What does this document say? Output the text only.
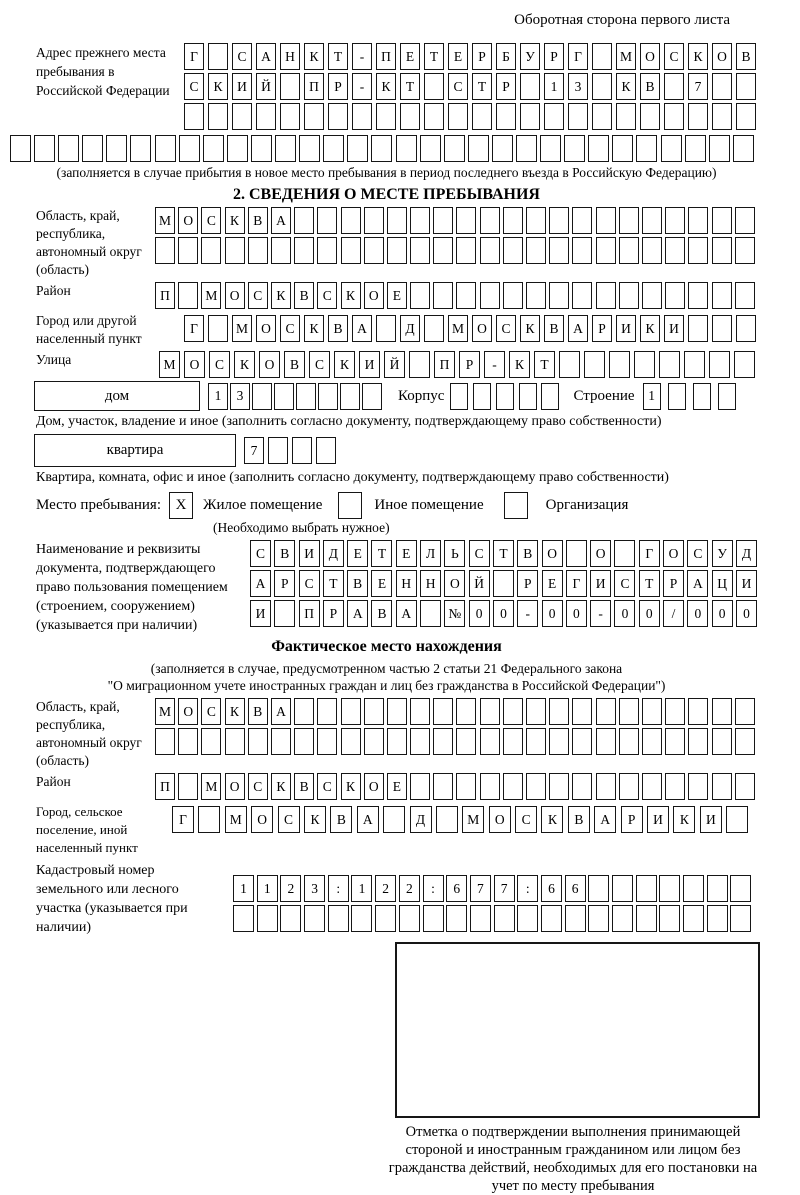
Оборотная сторона первого листа
Адрес прежнего места пребывания в Российской Федерации
Г	С	А	Н	К	Т	-	П	Е	Т	Е	Р	Б	У	Р	Г	М О	С	К	О	В
С	К	И	Й	П	Р	-	К	Т	С	Т	Р	1	3	К	В	7
(заполняется в случае прибытия в новое место пребывания в период последнего въезда в Российскую Федерацию)
2. СВЕДЕНИЯ О МЕСТЕ ПРЕБЫВАНИЯ
Область, край, республика, автономный округ (область)
М О	С	К	В	А
Район	П	М О	С	К	В	С	К	О	Е
Город или другой населенный пункт
Г	М О	С	К	В	А	Д	М О	С	К	В	А	Р	И	К	И
Улица	М	О	С	К	О	В	С	К	И	Й	П	Р	-	К	Т
дом	1	3	Корпус	Строение	1
Дом, участок, владение и иное (заполнить согласно документу, подтверждающему право собственности)
квартира	7
Квартира, комната, офис и иное (заполнить согласно документу, подтверждающему право собственности)
Место пребывания: X	Жилое помещение	Иное помещение	Организация
(Необходимо выбрать нужное)
Наименование и реквизиты документа, подтверждающего право пользования помещением (строением, сооружением) (указывается при наличии)
С	В	И	Д	Е	Т	Е	Л	Ь	С	Т	В	О	О	Г	О	С	У	Д
А	Р	С	Т	В	Е	Н	Н	О	Й	Р	Е	Г	И	С	Т	Р	А	Ц	И
И	П	Р	А	В	А	№	0	0	-	0	0	-	0	0	/	0	0	0
Фактическое место нахождения
(заполняется в случае, предусмотренном частью 2 статьи 21 Федерального закона
"О миграционном учете иностранных граждан и лиц без гражданства в Российской Федерации")
Область, край, республика, автономный округ (область)
М О	С	К	В	А
Район	П	М О	С	К	В	С	К	О	Е
Город, сельское поселение, иной населенный пункт
Г	М	О	С	К	В	А	Д	М	О	С	К	В	А	Р	И	К	И
Кадастровый номер земельного или лесного участка (указывается при наличии)
1	1	2	3	:	1	2	2	:	6	7	7	:	6	6
Отметка о подтверждении выполнения принимающей стороной и иностранным гражданином или лицом без гражданства действий, необходимых для его постановки на учет по месту пребывания
